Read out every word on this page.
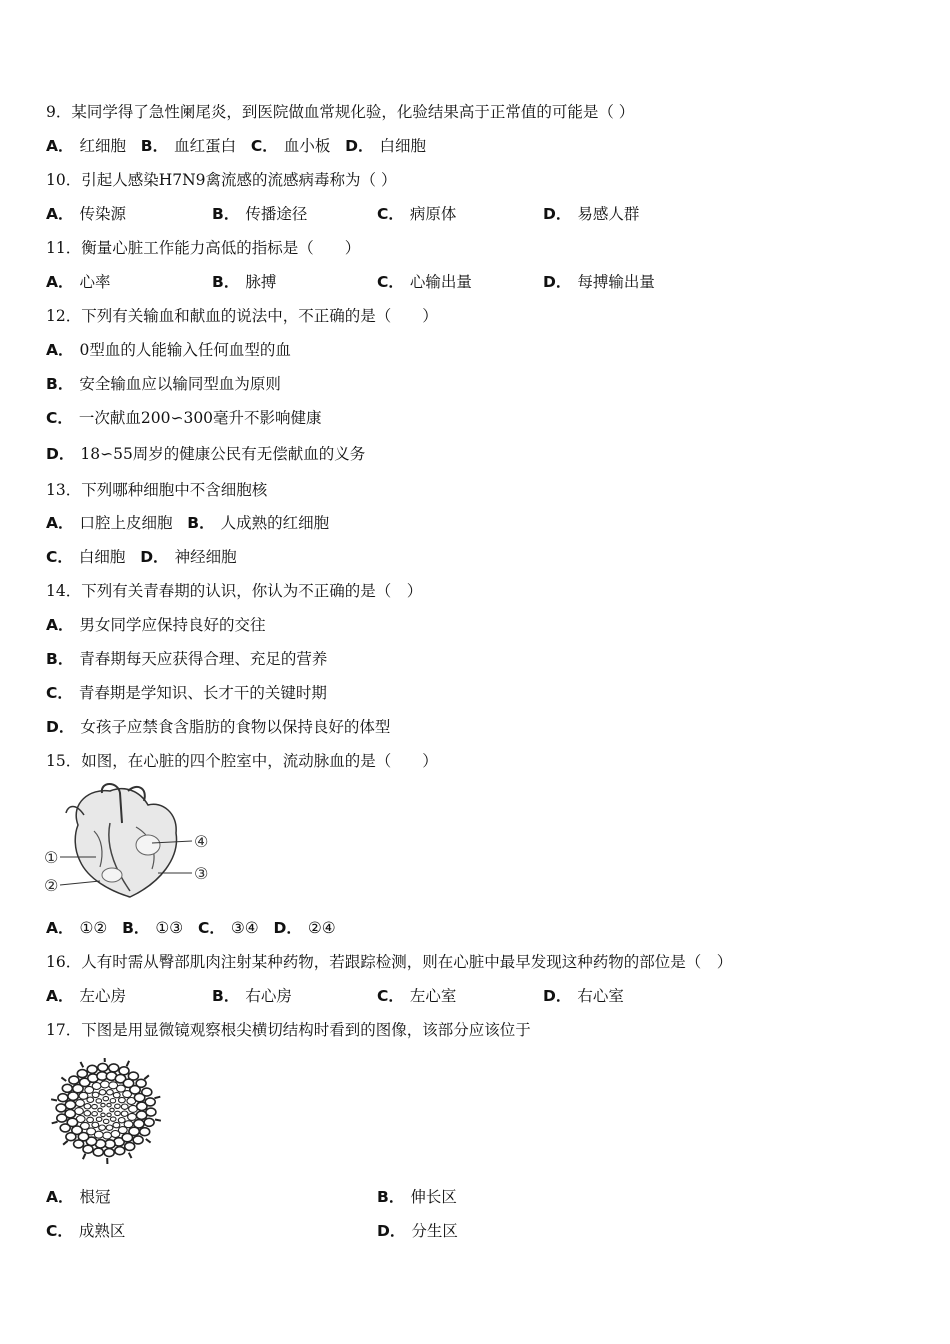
9．某同学得了急性阑尾炎，到医院做血常规化验，化验结果高于正常值的可能是（ ）
A． 红细胞 B． 血红蛋白 C． 血小板 D． 白细胞
10．引起人感染H7N9禽流感的流感病毒称为（ ）
A． 传染源	B． 传播途径	C． 病原体	D． 易感人群
11．衡量心脏工作能力高低的指标是（　　）
A． 心率	B． 脉搏	C． 心输出量	D． 每搏输出量
12．下列有关输血和献血的说法中，不正确的是（　　）
A． 0型血的人能输入任何血型的血
B． 安全输血应以输同型血为原则
C． 一次献血200∽300毫升不影响健康
D． 18∽55周岁的健康公民有无偿献血的义务
13．下列哪种细胞中不含细胞核
A． 口腔上皮细胞 B． 人成熟的红细胞
C． 白细胞 D． 神经细胞
14．下列有关青春期的认识，你认为不正确的是（　）
A． 男女同学应保持良好的交往
B． 青春期每天应获得合理、充足的营养
C． 青春期是学知识、长才干的关键时期
D． 女孩子应禁食含脂肪的食物以保持良好的体型
15．如图，在心脏的四个腔室中，流动脉血的是（　　）
①
②
③
④
A． ①② B． ①③ C． ③④ D． ②④
16．人有时需从臀部肌肉注射某种药物，若跟踪检测，则在心脏中最早发现这种药物的部位是（　）
A． 左心房	B． 右心房	C． 左心室	D． 右心室
17．下图是用显微镜观察根尖横切结构时看到的图像，该部分应该位于
A． 根冠	B． 伸长区
C． 成熟区	D． 分生区
